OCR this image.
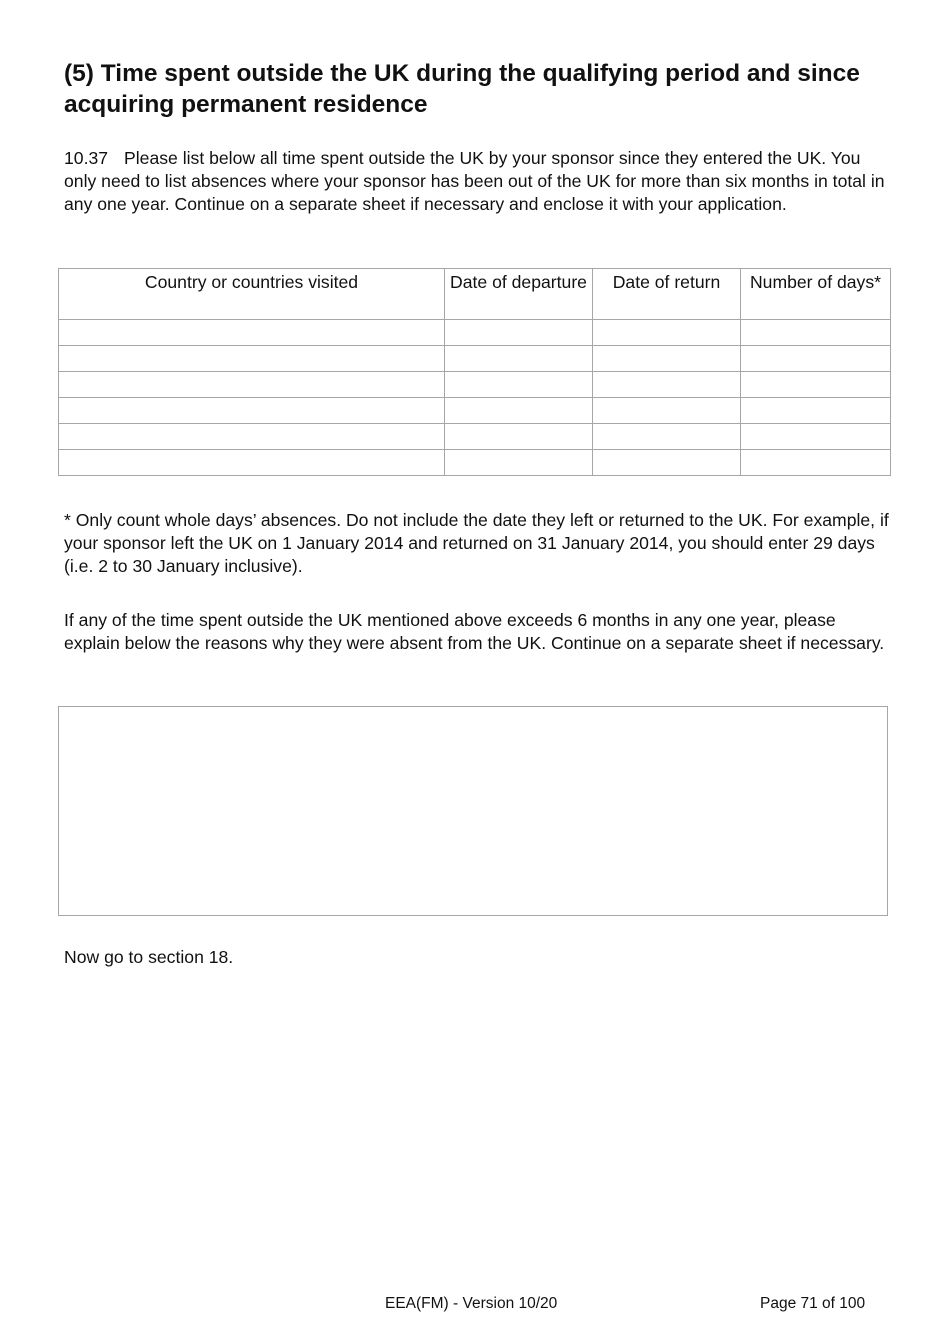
(5) Time spent outside the UK during the qualifying period and since acquiring permanent residence

10.37 Please list below all time spent outside the UK by your sponsor since they entered the UK. You only need to list absences where your sponsor has been out of the UK for more than six months in total in any one year. Continue on a separate sheet if necessary and enclose it with your application.

Country or countries visited	Date of departure	Date of return	Number of days*

* Only count whole days’ absences. Do not include the date they left or returned to the UK. For example, if your sponsor left the UK on 1 January 2014 and returned on 31 January 2014, you should enter 29 days (i.e. 2 to 30 January inclusive).

If any of the time spent outside the UK mentioned above exceeds 6 months in any one year, please explain below the reasons why they were absent from the UK. Continue on a separate sheet if necessary.

Now go to section 18.

EEA(FM) - Version 10/20	Page 71 of 100
